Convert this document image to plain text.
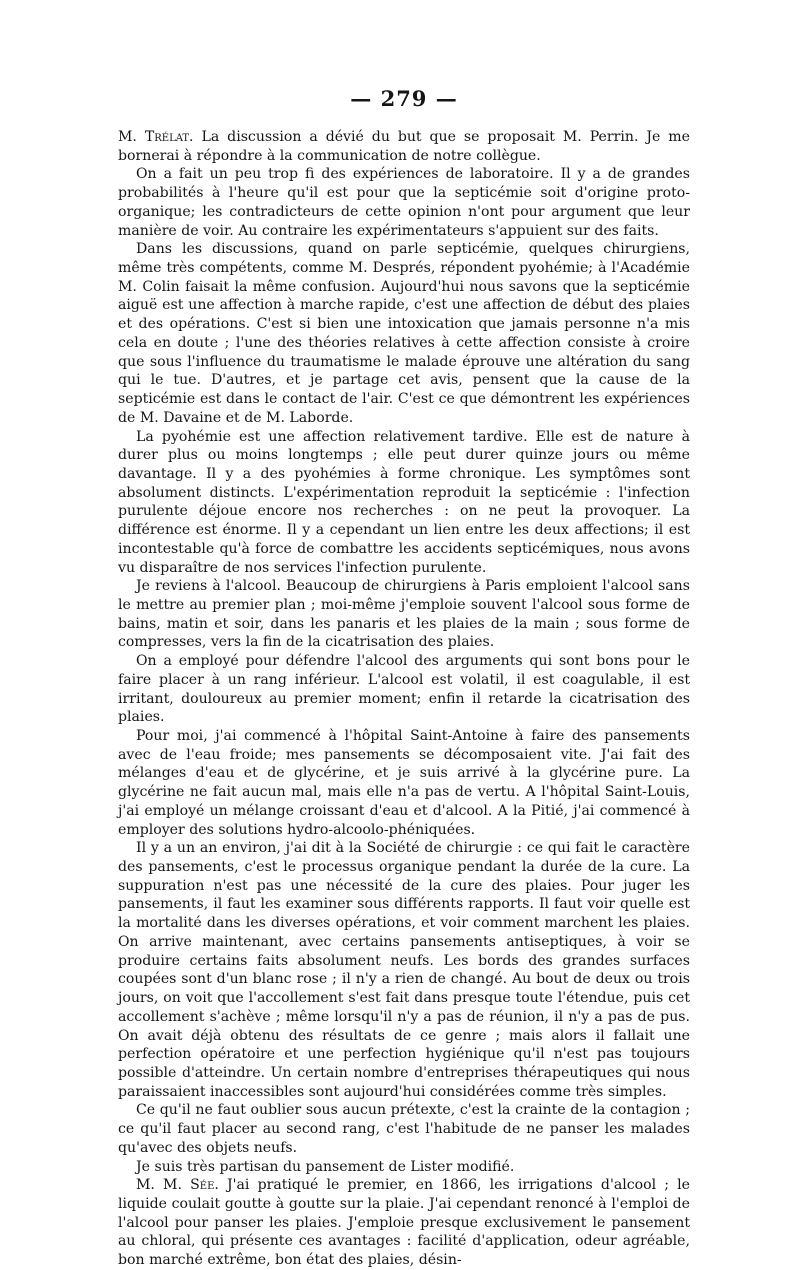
— 279 —

M. Trélat. La discussion a dévié du but que se proposait M. Perrin. Je me bornerai à répondre à la communication de notre collègue.

On a fait un peu trop fi des expériences de laboratoire. Il y a de grandes probabilités à l'heure qu'il est pour que la septicémie soit d'origine proto-organique; les contradicteurs de cette opinion n'ont pour argument que leur manière de voir. Au contraire les expérimentateurs s'appuient sur des faits.

Dans les discussions, quand on parle septicémie, quelques chirurgiens, même très compétents, comme M. Després, répondent pyohémie; à l'Académie M. Colin faisait la même confusion. Aujourd'hui nous savons que la septicémie aiguë est une affection à marche rapide, c'est une affection de début des plaies et des opérations. C'est si bien une intoxication que jamais personne n'a mis cela en doute ; l'une des théories relatives à cette affection consiste à croire que sous l'influence du traumatisme le malade éprouve une altération du sang qui le tue. D'autres, et je partage cet avis, pensent que la cause de la septicémie est dans le contact de l'air. C'est ce que démontrent les expériences de M. Davaine et de M. Laborde.

La pyohémie est une affection relativement tardive. Elle est de nature à durer plus ou moins longtemps ; elle peut durer quinze jours ou même davantage. Il y a des pyohémies à forme chronique. Les symptômes sont absolument distincts. L'expérimentation reproduit la septicémie : l'infection purulente déjoue encore nos recherches : on ne peut la provoquer. La différence est énorme. Il y a cependant un lien entre les deux affections; il est incontestable qu'à force de combattre les accidents septicémiques, nous avons vu disparaître de nos services l'infection purulente.

Je reviens à l'alcool. Beaucoup de chirurgiens à Paris emploient l'alcool sans le mettre au premier plan ; moi-même j'emploie souvent l'alcool sous forme de bains, matin et soir, dans les panaris et les plaies de la main ; sous forme de compresses, vers la fin de la cicatrisation des plaies.

On a employé pour défendre l'alcool des arguments qui sont bons pour le faire placer à un rang inférieur. L'alcool est volatil, il est coagulable, il est irritant, douloureux au premier moment; enfin il retarde la cicatrisation des plaies.

Pour moi, j'ai commencé à l'hôpital Saint-Antoine à faire des pansements avec de l'eau froide; mes pansements se décomposaient vite. J'ai fait des mélanges d'eau et de glycérine, et je suis arrivé à la glycérine pure. La glycérine ne fait aucun mal, mais elle n'a pas de vertu. A l'hôpital Saint-Louis, j'ai employé un mélange croissant d'eau et d'alcool. A la Pitié, j'ai commencé à employer des solutions hydro-alcoolo-phéniquées.

Il y a un an environ, j'ai dit à la Société de chirurgie : ce qui fait le caractère des pansements, c'est le processus organique pendant la durée de la cure. La suppuration n'est pas une nécessité de la cure des plaies. Pour juger les pansements, il faut les examiner sous différents rapports. Il faut voir quelle est la mortalité dans les diverses opérations, et voir comment marchent les plaies. On arrive maintenant, avec certains pansements antiseptiques, à voir se produire certains faits absolument neufs. Les bords des grandes surfaces coupées sont d'un blanc rose ; il n'y a rien de changé. Au bout de deux ou trois jours, on voit que l'accollement s'est fait dans presque toute l'étendue, puis cet accollement s'achève ; même lorsqu'il n'y a pas de réunion, il n'y a pas de pus. On avait déjà obtenu des résultats de ce genre ; mais alors il fallait une perfection opératoire et une perfection hygiénique qu'il n'est pas toujours possible d'atteindre. Un certain nombre d'entreprises thérapeutiques qui nous paraissaient inaccessibles sont aujourd'hui considérées comme très simples.

Ce qu'il ne faut oublier sous aucun prétexte, c'est la crainte de la contagion ; ce qu'il faut placer au second rang, c'est l'habitude de ne panser les malades qu'avec des objets neufs.

Je suis très partisan du pansement de Lister modifié.

M. M. Sée. J'ai pratiqué le premier, en 1866, les irrigations d'alcool ; le liquide coulait goutte à goutte sur la plaie. J'ai cependant renoncé à l'emploi de l'alcool pour panser les plaies. J'emploie presque exclusivement le pansement au chloral, qui présente ces avantages : facilité d'application, odeur agréable, bon marché extrême, bon état des plaies, désin-
